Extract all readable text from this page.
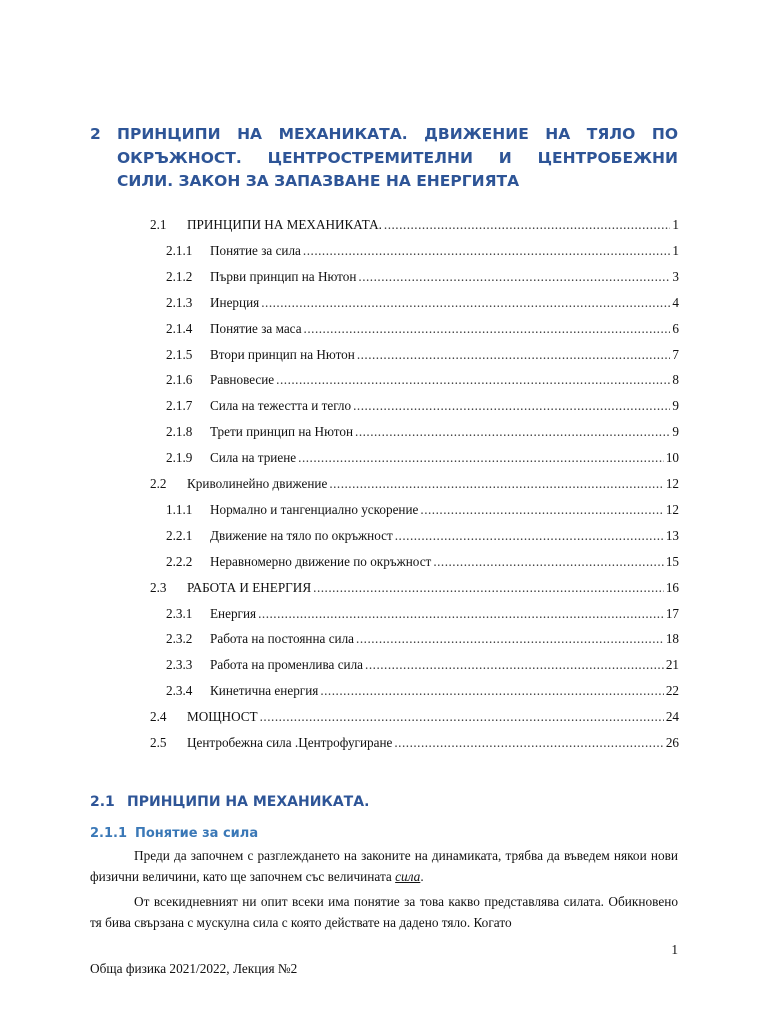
2	ПРИНЦИПИ НА МЕХАНИКАТА. ДВИЖЕНИЕ НА ТЯЛО ПО ОКРЪЖНОСТ. ЦЕНТРОСТРЕМИТЕЛНИ И ЦЕНТРОБЕЖНИ СИЛИ. ЗАКОН ЗА ЗАПАЗВАНЕ НА ЕНЕРГИЯТА
2.1	ПРИНЦИПИ НА МЕХАНИКАТА. .....	1
2.1.1	Понятие за сила .....	1
2.1.2	Първи принцип на Нютон .....	3
2.1.3	Инерция .....	4
2.1.4	Понятие за маса .....	6
2.1.5	Втори принцип на Нютон .....	7
2.1.6	Равновесие .....	8
2.1.7	Сила на тежестта и тегло .....	9
2.1.8	Трети принцип на Нютон .....	9
2.1.9	Сила на триене .....	10
2.2	Криволинейно движение .....	12
1.1.1	Нормално и тангенциално ускорение .....	12
2.2.1	Движение на тяло по окръжност .....	13
2.2.2	Неравномерно движение по окръжност .....	15
2.3	РАБОТА И ЕНЕРГИЯ .....	16
2.3.1	Енергия .....	17
2.3.2	Работа на постоянна сила .....	18
2.3.3	Работа на променлива сила .....	21
2.3.4	Кинетична енергия .....	22
2.4	МОЩНОСТ .....	24
2.5	Центробежна сила .Центрофугиране .....	26
2.1 ПРИНЦИПИ НА МЕХАНИКАТА.
2.1.1 Понятие за сила
Преди да започнем с разглеждането на законите на динамиката, трябва да въведем някои нови физични величини, като ще започнем със величината сила.
От всекидневният ни опит всеки има понятие за това какво представлява силата. Обикновено тя бива свързана с мускулна сила с която действате на дадено тяло. Когато
1
Обща физика 2021/2022, Лекция №2
